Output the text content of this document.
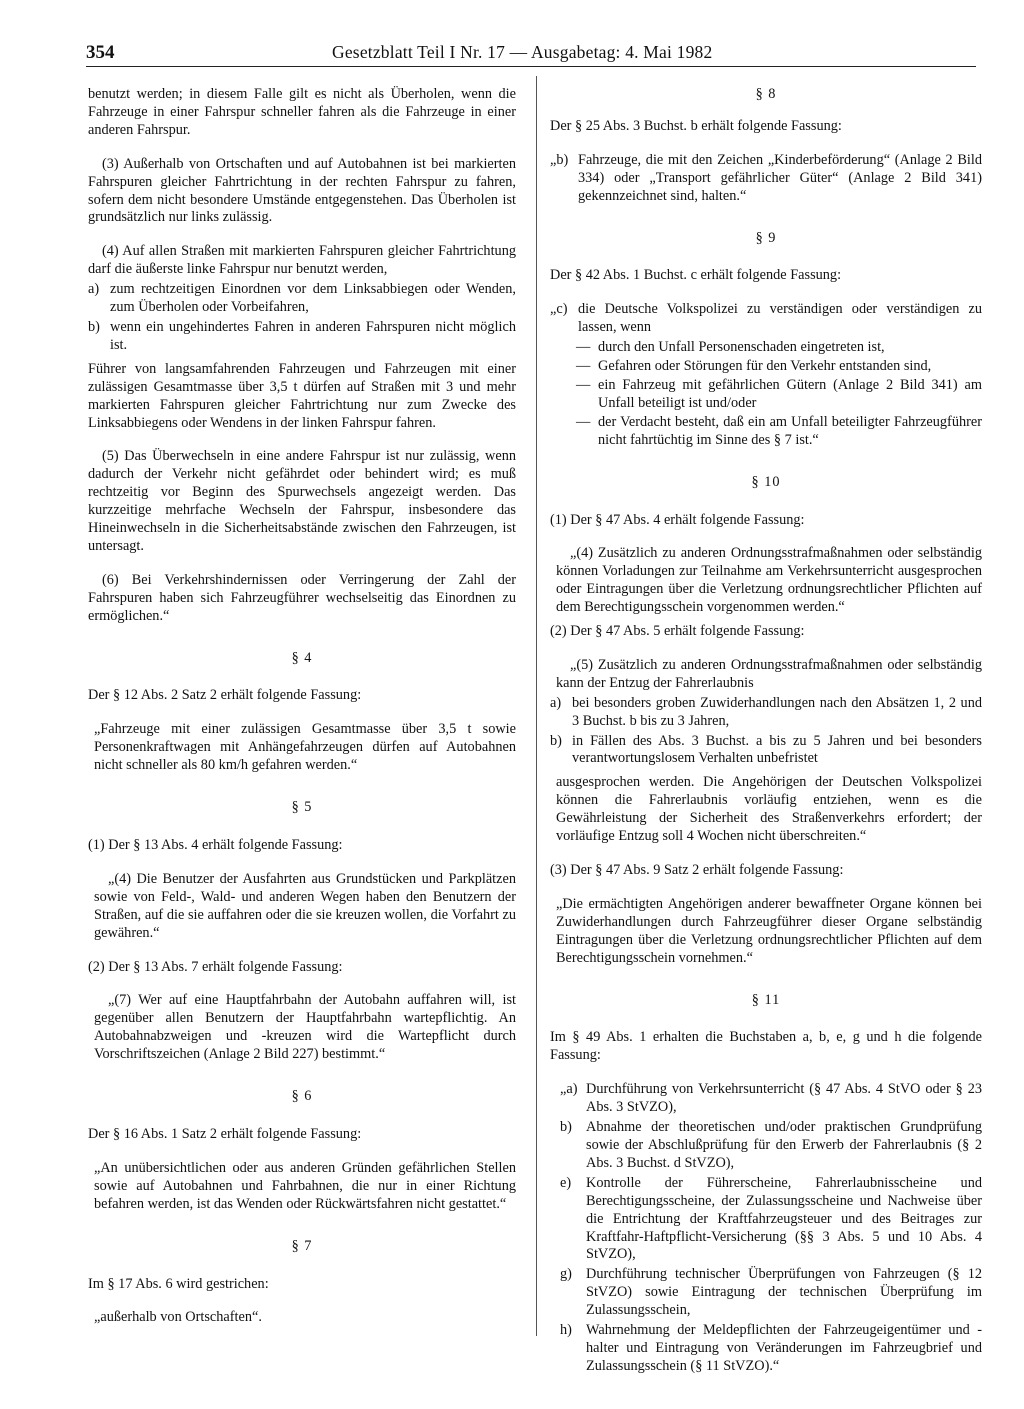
354	Gesetzblatt Teil I Nr. 17 — Ausgabetag: 4. Mai 1982

benutzt werden; in diesem Falle gilt es nicht als Überholen, wenn die Fahrzeuge in einer Fahrspur schneller fahren als die Fahrzeuge in einer anderen Fahrspur.

(3) Außerhalb von Ortschaften und auf Autobahnen ist bei markierten Fahrspuren gleicher Fahrtrichtung in der rechten Fahrspur zu fahren, sofern dem nicht besondere Umstände entgegenstehen. Das Überholen ist grundsätzlich nur links zulässig.

(4) Auf allen Straßen mit markierten Fahrspuren gleicher Fahrtrichtung darf die äußerste linke Fahrspur nur benutzt werden,

a) zum rechtzeitigen Einordnen vor dem Linksabbiegen oder Wenden, zum Überholen oder Vorbeifahren,
b) wenn ein ungehindertes Fahren in anderen Fahrspuren nicht möglich ist.

Führer von langsamfahrenden Fahrzeugen und Fahrzeugen mit einer zulässigen Gesamtmasse über 3,5 t dürfen auf Straßen mit 3 und mehr markierten Fahrspuren gleicher Fahrtrichtung nur zum Zwecke des Linksabbiegens oder Wendens in der linken Fahrspur fahren.

(5) Das Überwechseln in eine andere Fahrspur ist nur zulässig, wenn dadurch der Verkehr nicht gefährdet oder behindert wird; es muß rechtzeitig vor Beginn des Spurwechsels angezeigt werden. Das kurzzeitige mehrfache Wechseln der Fahrspur, insbesondere das Hineinwechseln in die Sicherheitsabstände zwischen den Fahrzeugen, ist untersagt.

(6) Bei Verkehrshindernissen oder Verringerung der Zahl der Fahrspuren haben sich Fahrzeugführer wechselseitig das Einordnen zu ermöglichen.“

§ 4

Der § 12 Abs. 2 Satz 2 erhält folgende Fassung:

„Fahrzeuge mit einer zulässigen Gesamtmasse über 3,5 t sowie Personenkraftwagen mit Anhängefahrzeugen dürfen auf Autobahnen nicht schneller als 80 km/h gefahren werden.“

§ 5

(1) Der § 13 Abs. 4 erhält folgende Fassung:

„(4) Die Benutzer der Ausfahrten aus Grundstücken und Parkplätzen sowie von Feld-, Wald- und anderen Wegen haben den Benutzern der Straßen, auf die sie auffahren oder die sie kreuzen wollen, die Vorfahrt zu gewähren.“

(2) Der § 13 Abs. 7 erhält folgende Fassung:

„(7) Wer auf eine Hauptfahrbahn der Autobahn auffahren will, ist gegenüber allen Benutzern der Hauptfahrbahn wartepflichtig. An Autobahnabzweigen und -kreuzen wird die Wartepflicht durch Vorschriftszeichen (Anlage 2 Bild 227) bestimmt.“

§ 6

Der § 16 Abs. 1 Satz 2 erhält folgende Fassung:

„An unübersichtlichen oder aus anderen Gründen gefährlichen Stellen sowie auf Autobahnen und Fahrbahnen, die nur in einer Richtung befahren werden, ist das Wenden oder Rückwärtsfahren nicht gestattet.“

§ 7

Im § 17 Abs. 6 wird gestrichen:

„außerhalb von Ortschaften“.

§ 8

Der § 25 Abs. 3 Buchst. b erhält folgende Fassung:

„b) Fahrzeuge, die mit den Zeichen „Kinderbeförderung“ (Anlage 2 Bild 334) oder „Transport gefährlicher Güter“ (Anlage 2 Bild 341) gekennzeichnet sind, halten.“
§ 9

Der § 42 Abs. 1 Buchst. c erhält folgende Fassung:

„c) die Deutsche Volkspolizei zu verständigen oder verständigen zu lassen, wenn
— durch den Unfall Personenschaden eingetreten ist,
— Gefahren oder Störungen für den Verkehr entstanden sind,
— ein Fahrzeug mit gefährlichen Gütern (Anlage 2 Bild 341) am Unfall beteiligt ist und/oder
— der Verdacht besteht, daß ein am Unfall beteiligter Fahrzeugführer nicht fahrtüchtig im Sinne des § 7 ist.“
§ 10

(1) Der § 47 Abs. 4 erhält folgende Fassung:

„(4) Zusätzlich zu anderen Ordnungsstrafmaßnahmen oder selbständig können Vorladungen zur Teilnahme am Verkehrsunterricht ausgesprochen oder Eintragungen über die Verletzung ordnungsrechtlicher Pflichten auf dem Berechtigungsschein vorgenommen werden.“

(2) Der § 47 Abs. 5 erhält folgende Fassung:

„(5) Zusätzlich zu anderen Ordnungsstrafmaßnahmen oder selbständig kann der Entzug der Fahrerlaubnis

a) bei besonders groben Zuwiderhandlungen nach den Absätzen 1, 2 und 3 Buchst. b bis zu 3 Jahren,
b) in Fällen des Abs. 3 Buchst. a bis zu 5 Jahren und bei besonders verantwortungslosem Verhalten unbefristet

ausgesprochen werden. Die Angehörigen der Deutschen Volkspolizei können die Fahrerlaubnis vorläufig entziehen, wenn es die Gewährleistung der Sicherheit des Straßenverkehrs erfordert; der vorläufige Entzug soll 4 Wochen nicht überschreiten.“

(3) Der § 47 Abs. 9 Satz 2 erhält folgende Fassung:

„Die ermächtigten Angehörigen anderer bewaffneter Organe können bei Zuwiderhandlungen durch Fahrzeugführer dieser Organe selbständig Eintragungen über die Verletzung ordnungsrechtlicher Pflichten auf dem Berechtigungsschein vornehmen.“

§ 11

Im § 49 Abs. 1 erhalten die Buchstaben a, b, e, g und h die folgende Fassung:

„a) Durchführung von Verkehrsunterricht (§ 47 Abs. 4 StVO oder § 23 Abs. 3 StVZO),
b) Abnahme der theoretischen und/oder praktischen Grundprüfung sowie der Abschlußprüfung für den Erwerb der Fahrerlaubnis (§ 2 Abs. 3 Buchst. d StVZO),
e)	Kontrolle der Führerscheine, Fahrerlaubnisscheine und Berechtigungsscheine, der Zulassungsscheine und Nachweise über die Entrichtung der Kraftfahrzeugsteuer und des Beitrages zur Kraftfahr-Haftpflicht-Versicherung (§§ 3 Abs. 5 und 10 Abs. 4 StVZO),
g) Durchführung technischer Überprüfungen von Fahrzeugen (§ 12 StVZO) sowie Eintragung der technischen Überprüfung im Zulassungsschein,
h) Wahrnehmung der Meldepflichten der Fahrzeugeigentümer und -halter und Eintragung von Veränderungen im Fahrzeugbrief und Zulassungsschein (§ 11 StVZO).“
